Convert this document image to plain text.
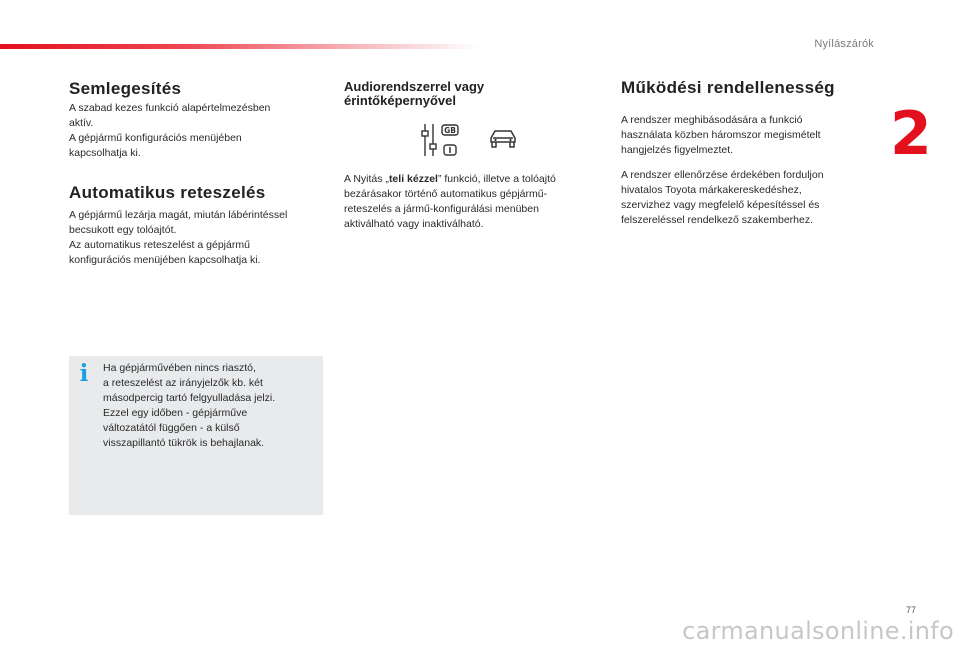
Nyílászárók
2
Semlegesítés
A szabad kezes funkció alapértelmezésben
aktív.
A gépjármű konfigurációs menüjében
kapcsolhatja ki.
Automatikus reteszelés
A gépjármű lezárja magát, miután lábérintéssel
becsukott egy tolóajtót.
Az automatikus reteszelést a gépjármű
konfigurációs menüjében kapcsolhatja ki.
i Ha gépjárművében nincs riasztó,
a reteszelést az irányjelzők kb. két
másodpercig tartó felgyulladása jelzi.
Ezzel egy időben - gépjárműve
változatától függően - a külső
visszapillantó tükrök is behajlanak.
Audiorendszerrel vagy
érintőképernyővel
GB
I
A Nyitás „teli kézzel” funkció, illetve a tolóajtó
bezárásakor történő automatikus gépjármű-
reteszelés a jármű-konfigurálási menüben
aktiválható vagy inaktiválható.
Működési rendellenesség
A rendszer meghibásodására a funkció
használata közben háromszor megismételt
hangjelzés figyelmeztet.
A rendszer ellenőrzése érdekében forduljon
hivatalos Toyota márkakereskedéshez,
szervizhez vagy megfelelő képesítéssel és
felszereléssel rendelkező szakemberhez.
77
carmanualsonline.info
